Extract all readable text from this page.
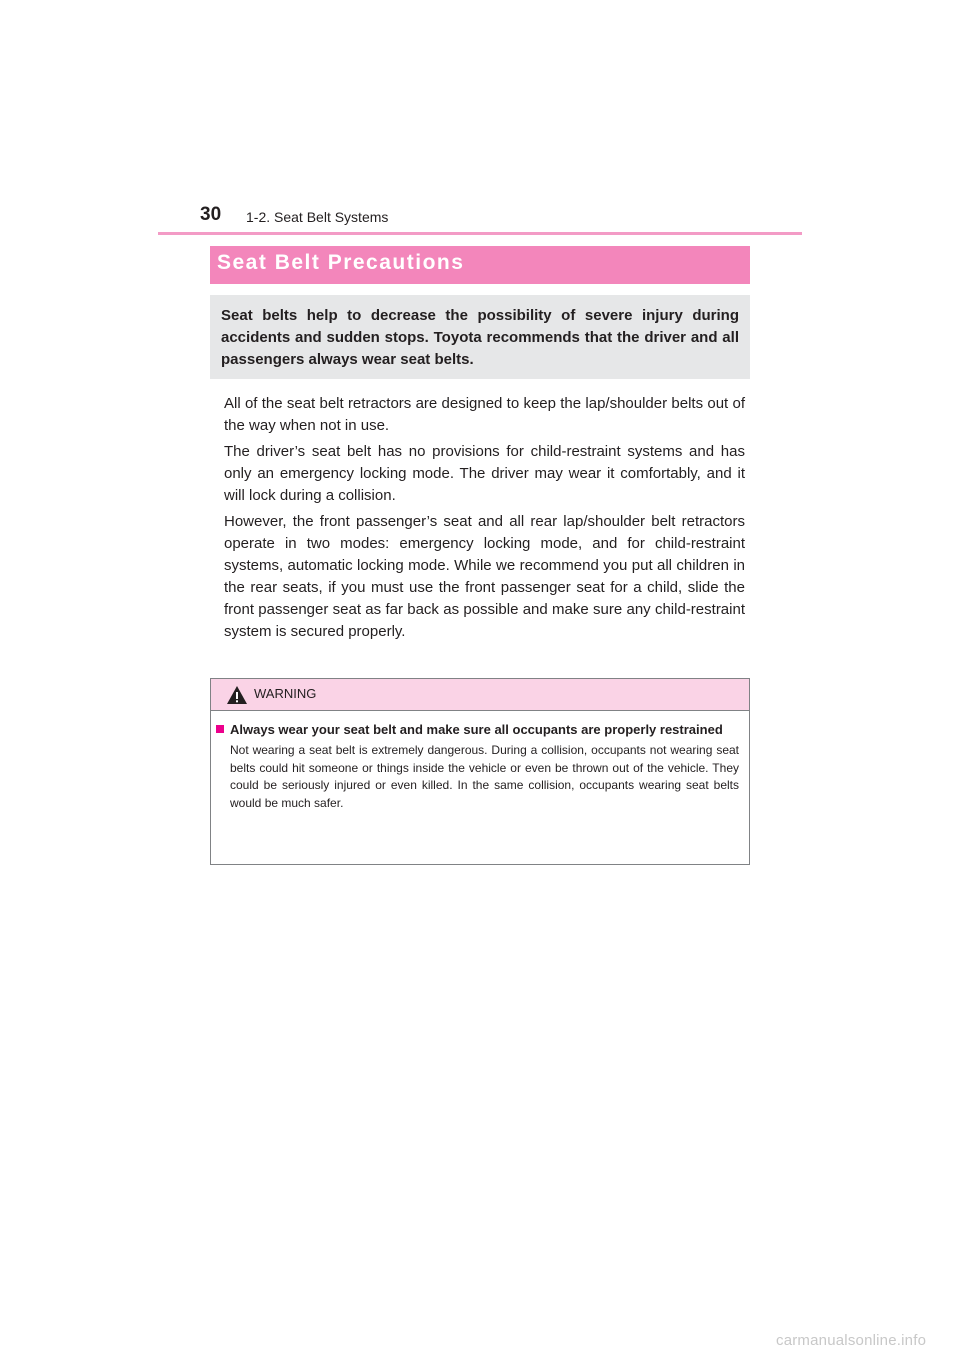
30 1-2. Seat Belt Systems
Seat Belt Precautions

Seat belts help to decrease the possibility of severe injury during accidents and sudden stops. Toyota recommends that the driver and all passengers always wear seat belts.

All of the seat belt retractors are designed to keep the lap/shoulder belts out of the way when not in use.

The driver’s seat belt has no provisions for child-restraint systems and has only an emergency locking mode. The driver may wear it comfortably, and it will lock during a collision.

However, the front passenger’s seat and all rear lap/shoulder belt retractors operate in two modes: emergency locking mode, and for child-restraint systems, automatic locking mode. While we recommend you put all children in the rear seats, if you must use the front passenger seat for a child, slide the front passenger seat as far back as possible and make sure any child-restraint system is secured properly.

WARNING
Always wear your seat belt and make sure all occupants are properly restrained

Not wearing a seat belt is extremely dangerous. During a collision, occupants not wearing seat belts could hit someone or things inside the vehicle or even be thrown out of the vehicle. They could be seriously injured or even killed. In the same collision, occupants wearing seat belts would be much safer.

carmanualsonline.info
